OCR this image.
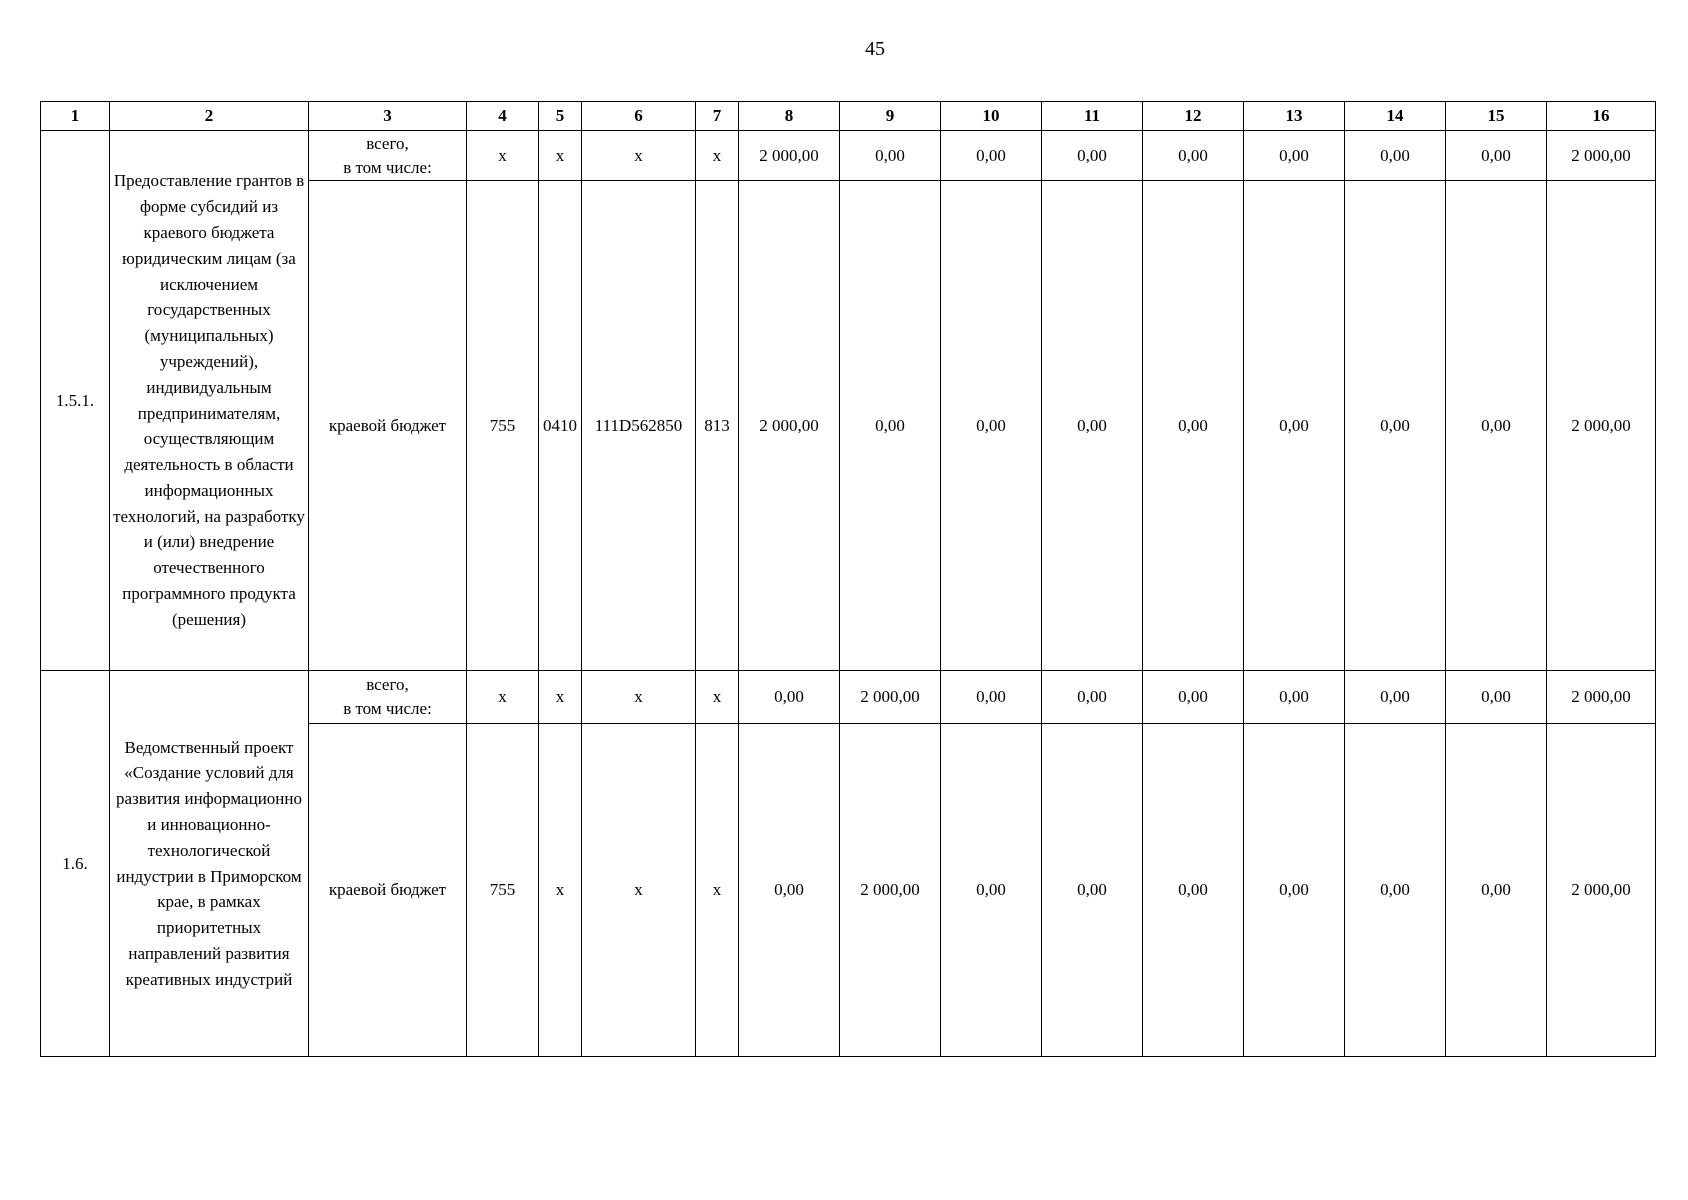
45
1	2	3	4	5	6	7	8	9	10	11	12	13	14	15	16
1.5.1.	Предоставление грантов в форме субсидий из краевого бюджета юридическим лицам (за исключением государственных (муниципальных) учреждений), индивидуальным предпринимателям, осуществляющим деятельность в области информационных технологий, на разработку и (или) внедрение отечественного программного продукта (решения)	всего,
в том числе:	x	x	x	x	2 000,00	0,00	0,00	0,00	0,00	0,00	0,00	0,00	2 000,00
		краевой бюджет	755	0410	111D562850	813	2 000,00	0,00	0,00	0,00	0,00	0,00	0,00	0,00	2 000,00
1.6.	Ведомственный проект «Создание условий для развития информационно и инновационно-технологической индустрии в Приморском крае, в рамках приоритетных направлений развития креативных индустрий	всего,
в том числе:	x	x	x	x	0,00	2 000,00	0,00	0,00	0,00	0,00	0,00	0,00	2 000,00
		краевой бюджет	755	x	x	x	0,00	2 000,00	0,00	0,00	0,00	0,00	0,00	0,00	2 000,00
